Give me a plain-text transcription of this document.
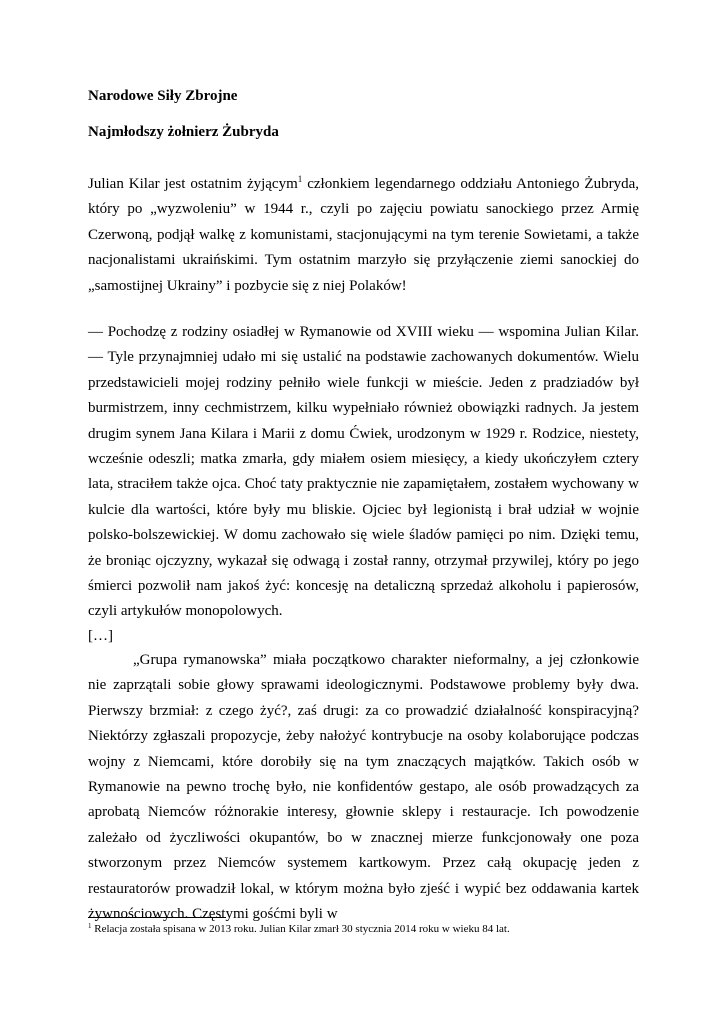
Narodowe Siły Zbrojne
Najmłodszy żołnierz Żubryda

Julian Kilar jest ostatnim żyjącym$^1$ członkiem legendarnego oddziału Antoniego Żubryda, który po „wyzwoleniu” w 1944 r., czyli po zajęciu powiatu sanockiego przez Armię Czerwoną, podjął walkę z komunistami, stacjonującymi na tym terenie Sowietami, a także nacjonalistami ukraińskimi. Tym ostatnim marzyło się przyłączenie ziemi sanockiej do „samostijnej Ukrainy” i pozbycie się z niej Polaków!

— Pochodzę z rodziny osiadłej w Rymanowie od XVIII wieku — wspomina Julian Kilar. — Tyle przynajmniej udało mi się ustalić na podstawie zachowanych dokumentów. Wielu przedstawicieli mojej rodziny pełniło wiele funkcji w mieście. Jeden z pradziadów był burmistrzem, inny cechmistrzem, kilku wypełniało również obowiązki radnych. Ja jestem drugim synem Jana Kilara i Marii z domu Ćwiek, urodzonym w 1929 r. Rodzice, niestety, wcześnie odeszli; matka zmarła, gdy miałem osiem miesięcy, a kiedy ukończyłem cztery lata, straciłem także ojca. Choć taty praktycznie nie zapamiętałem, zostałem wychowany w kulcie dla wartości, które były mu bliskie. Ojciec był legionistą i brał udział w wojnie polsko-bolszewickiej. W domu zachowało się wiele śladów pamięci po nim. Dzięki temu, że broniąc ojczyzny, wykazał się odwagą i został ranny, otrzymał przywilej, który po jego śmierci pozwolił nam jakoś żyć: koncesję na detaliczną sprzedaż alkoholu i papierosów, czyli artykułów monopolowych.

[…]

„Grupa rymanowska” miała początkowo charakter nieformalny, a jej członkowie nie zaprzątali sobie głowy sprawami ideologicznymi. Podstawowe problemy były dwa. Pierwszy brzmiał: z czego żyć?, zaś drugi: za co prowadzić działalność konspiracyjną? Niektórzy zgłaszali propozycje, żeby nałożyć kontrybucje na osoby kolaborujące podczas wojny z Niemcami, które dorobiły się na tym znaczących majątków. Takich osób w Rymanowie na pewno trochę było, nie konfidentów gestapo, ale osób prowadzących za aprobatą Niemców różnorakie interesy, głownie sklepy i restauracje. Ich powodzenie zależało od życzliwości okupantów, bo w znacznej mierze funkcjonowały one poza stworzonym przez Niemców systemem kartkowym. Przez całą okupację jeden z restauratorów prowadził lokal, w którym można było zjeść i wypić bez oddawania kartek żywnościowych. Częstymi gośćmi byli w

$^1$ Relacja została spisana w 2013 roku. Julian Kilar zmarł 30 stycznia 2014 roku w wieku 84 lat.
